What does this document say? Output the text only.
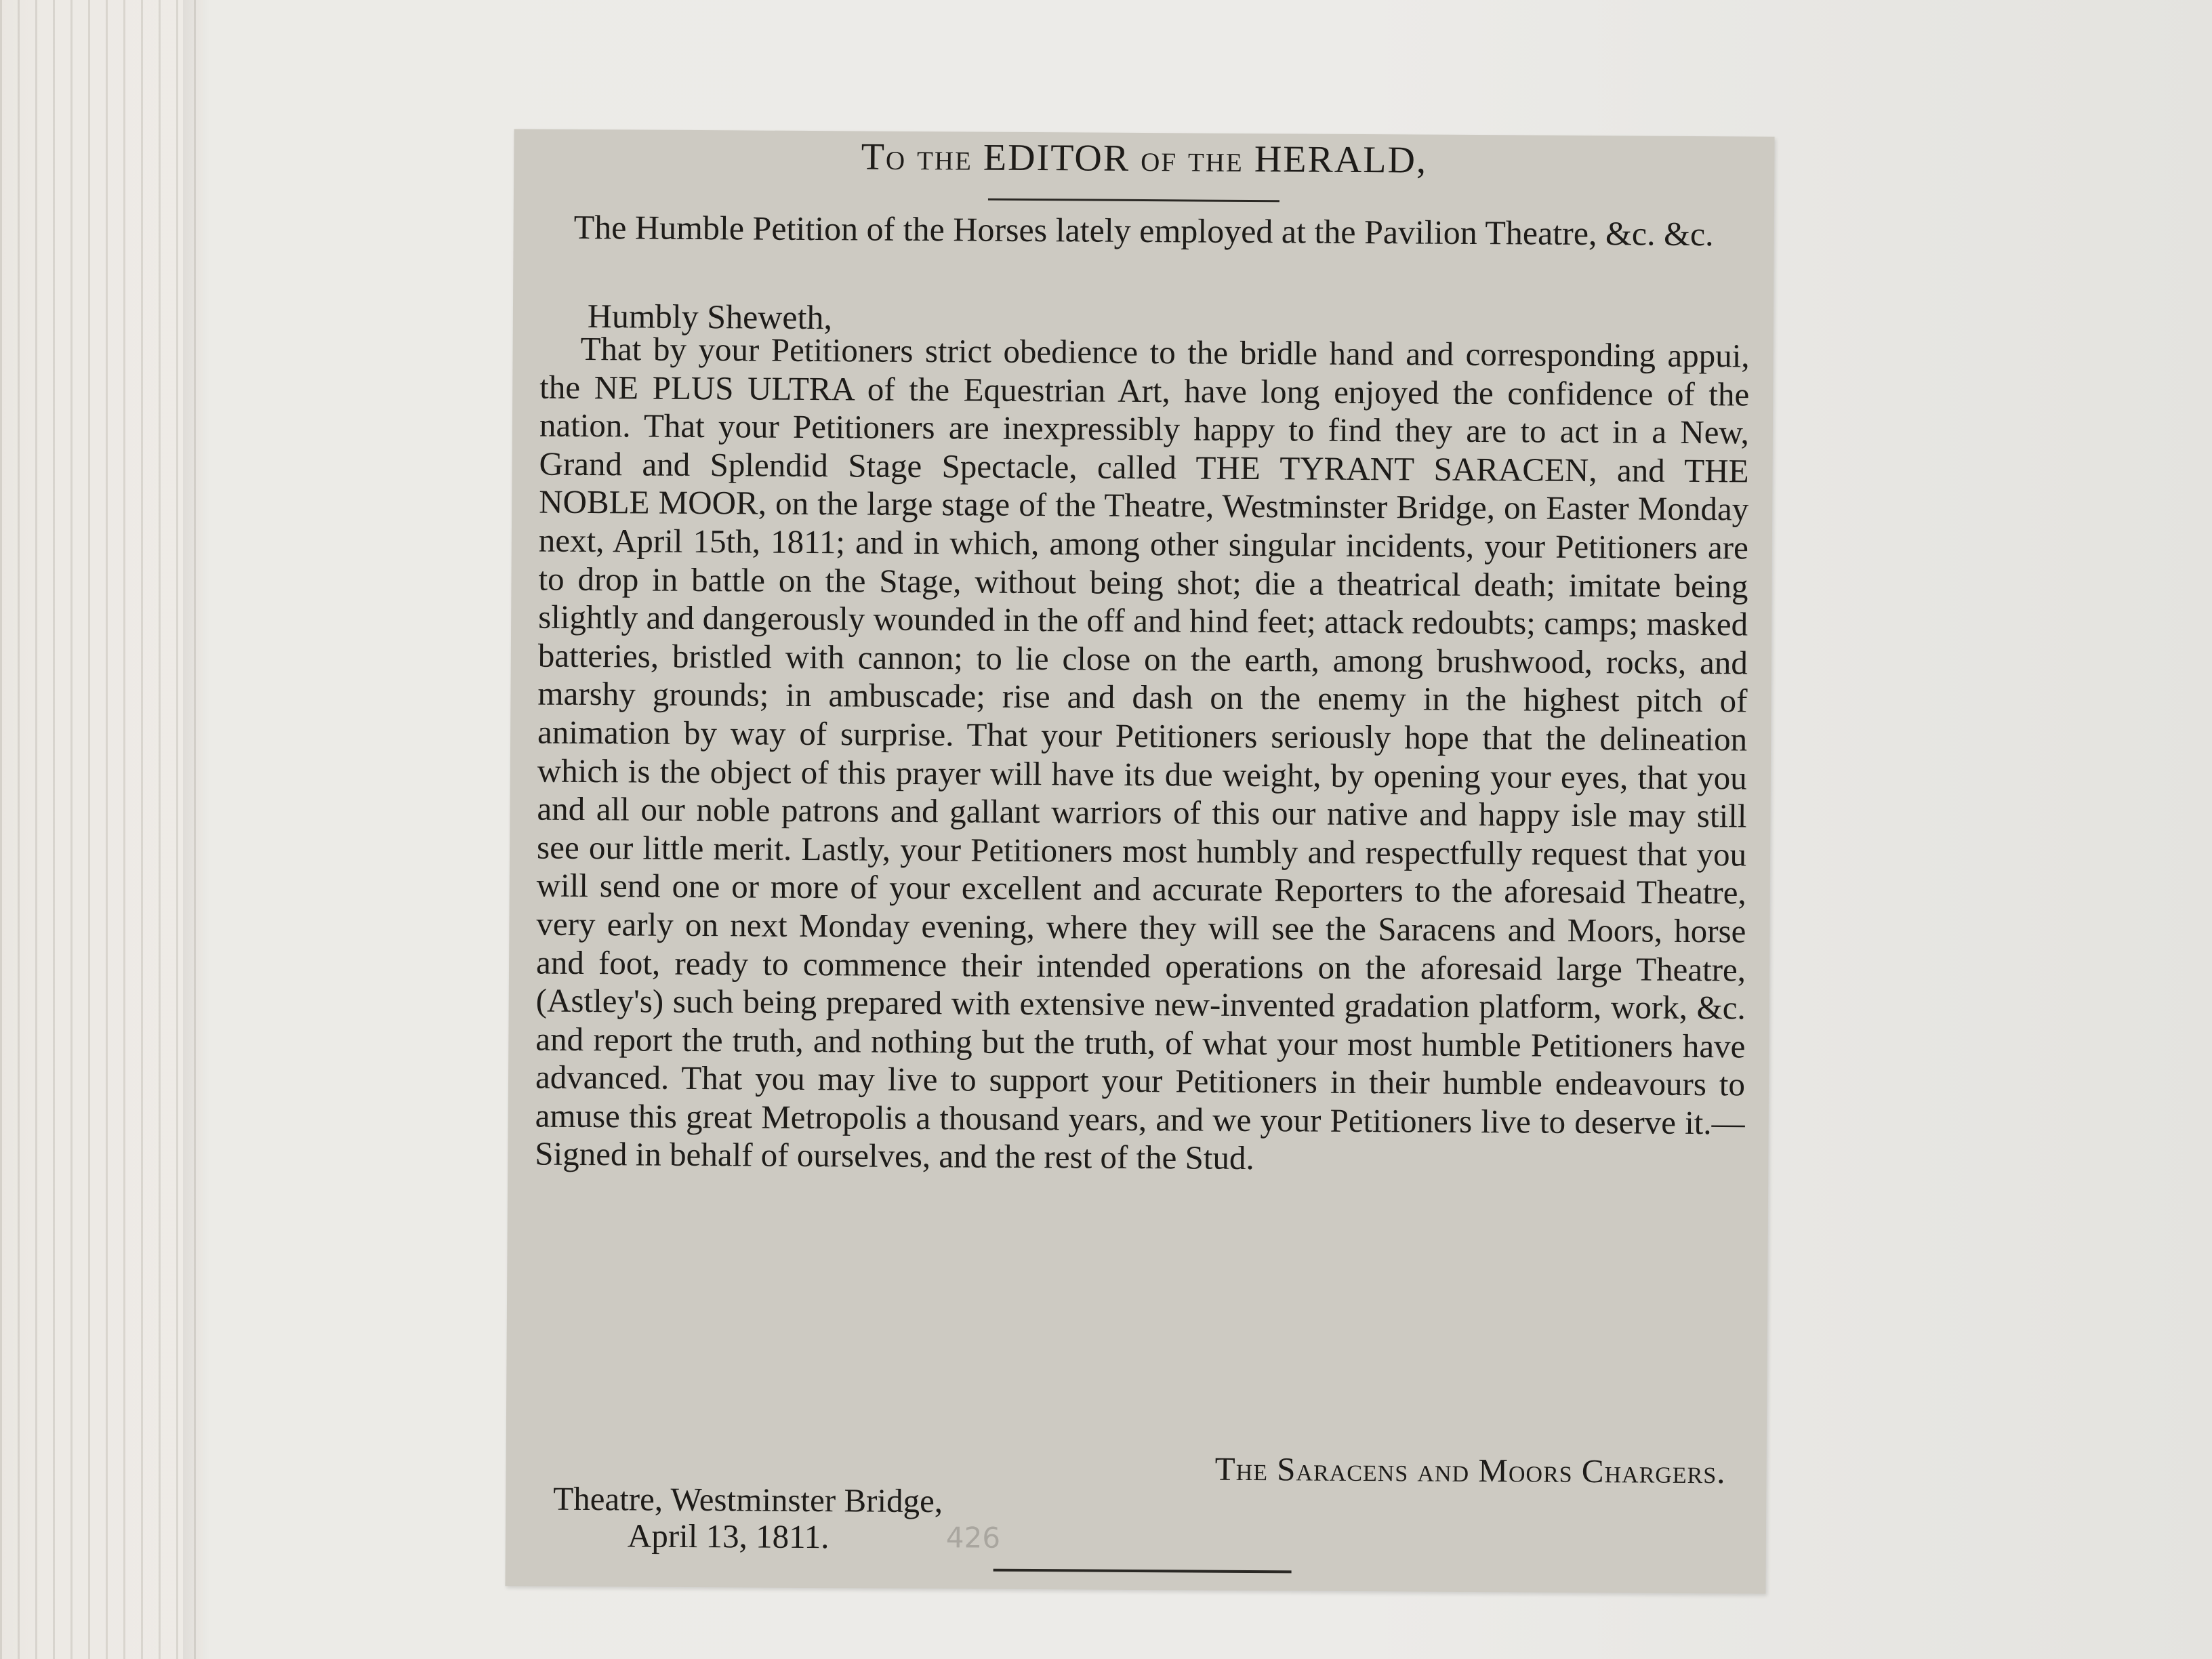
To the EDITOR of the HERALD,
The Humble Petition of the Horses lately employed at the Pavilion Theatre, &c. &c.
Humbly Sheweth,
That by your Petitioners strict obedience to the bridle hand and corresponding appui, the NE PLUS ULTRA of the Equestrian Art, have long enjoyed the confidence of the nation. That your Petitioners are inexpressibly happy to find they are to act in a New, Grand and Splendid Stage Spectacle, called THE TYRANT SARACEN, and THE NOBLE MOOR, on the large stage of the Theatre, Westminster Bridge, on Easter Monday next, April 15th, 1811; and in which, among other singular incidents, your Petitioners are to drop in battle on the Stage, without being shot; die a theatrical death; imitate being slightly and dangerously wounded in the off and hind feet; attack redoubts; camps; masked batteries, bristled with cannon; to lie close on the earth, among brushwood, rocks, and marshy grounds; in ambuscade; rise and dash on the enemy in the highest pitch of animation by way of surprise. That your Petitioners seriously hope that the delineation which is the object of this prayer will have its due weight, by opening your eyes, that you and all our noble patrons and gallant warriors of this our native and happy isle may still see our little merit. Lastly, your Petitioners most humbly and respectfully request that you will send one or more of your excellent and accurate Reporters to the aforesaid Theatre, very early on next Monday evening, where they will see the Saracens and Moors, horse and foot, ready to commence their intended operations on the aforesaid large Theatre, (Astley's) such being prepared with extensive new-invented gradation platform, work, &c. and report the truth, and nothing but the truth, of what your most humble Petitioners have advanced. That you may live to support your Petitioners in their humble endeavours to amuse this great Metropolis a thousand years, and we your Petitioners live to deserve it.—Signed in behalf of ourselves, and the rest of the Stud.
The Saracens and Moors Chargers.
Theatre, Westminster Bridge,
April 13, 1811.	426
